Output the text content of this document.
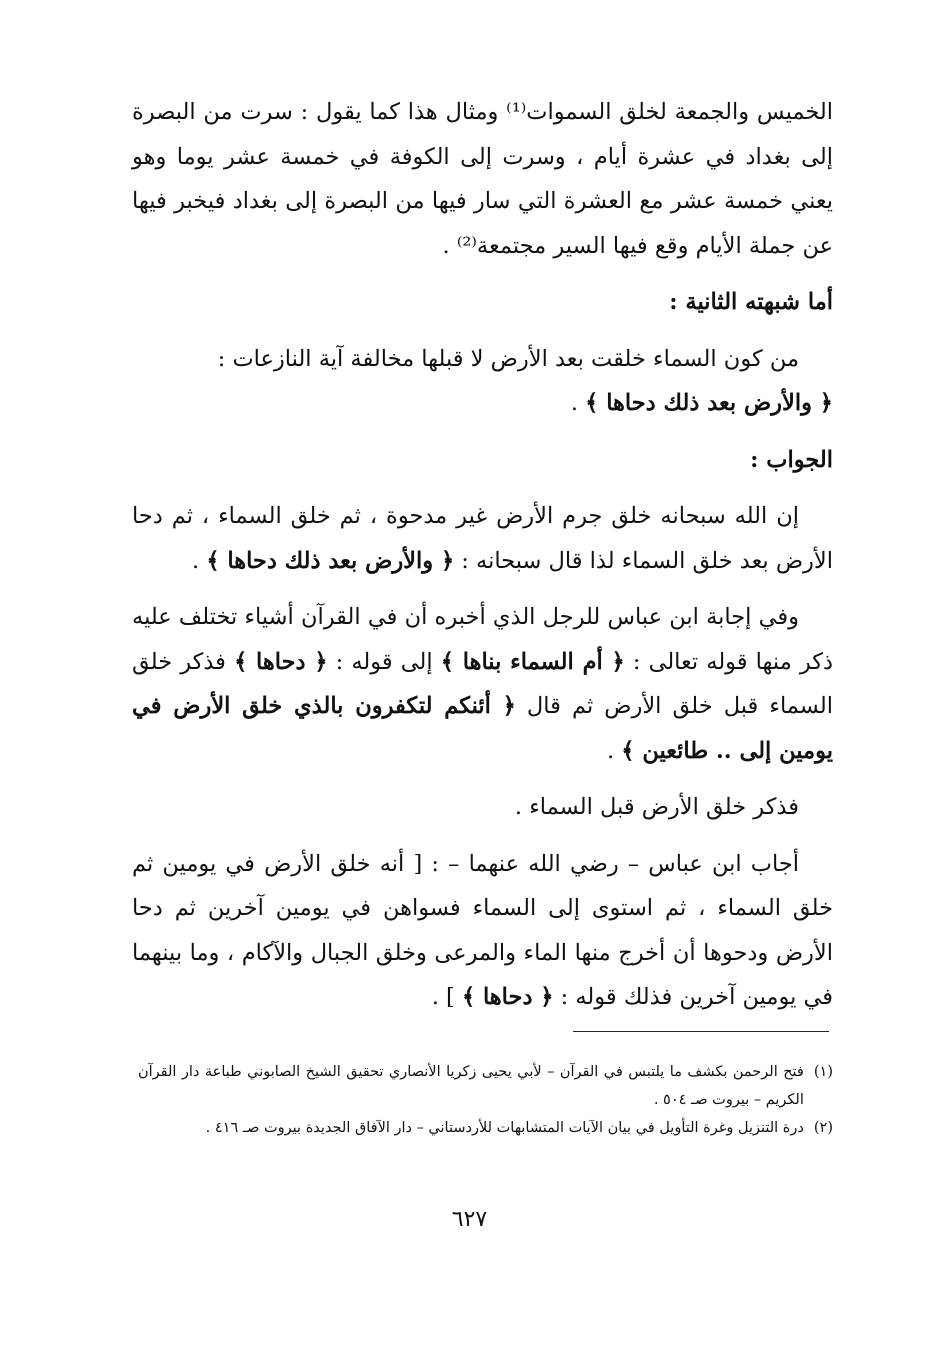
الخميس والجمعة لخلق السموات⁽¹⁾ ومثال هذا كما يقول : سرت من البصرة إلى بغداد في عشرة أيام ، وسرت إلى الكوفة في خمسة عشر يوما وهو يعني خمسة عشر مع العشرة التي سار فيها من البصرة إلى بغداد فيخبر فيها عن جملة الأيام وقع فيها السير مجتمعة⁽²⁾ .

أما شبهته الثانية :

من كون السماء خلقت بعد الأرض لا قبلها مخالفة آية النازعات :
﴿ والأرض بعد ذلك دحاها ﴾ .

الجواب :

إن الله سبحانه خلق جرم الأرض غير مدحوة ، ثم خلق السماء ، ثم دحا الأرض بعد خلق السماء لذا قال سبحانه : ﴿ والأرض بعد ذلك دحاها ﴾ .

وفي إجابة ابن عباس للرجل الذي أخبره أن في القرآن أشياء تختلف عليه ذكر منها قوله تعالى : ﴿ أم السماء بناها ﴾ إلى قوله : ﴿ دحاها ﴾ فذكر خلق السماء قبل خلق الأرض ثم قال ﴿ أئنكم لتكفرون بالذي خلق الأرض في يومين إلى .. طائعين ﴾ .

فذكر خلق الأرض قبل السماء .

أجاب ابن عباس – رضي الله عنهما – : [ أنه خلق الأرض في يومين ثم خلق السماء ، ثم استوى إلى السماء فسواهن في يومين آخرين ثم دحا الأرض ودحوها أن أخرج منها الماء والمرعى وخلق الجبال والآكام ، وما بينهما في يومين آخرين فذلك قوله : ﴿ دحاها ﴾ ] .

(١)
فتح الرحمن بكشف ما يلتبس في القرآن – لأبي يحيى زكريا الأنصاري تحقيق الشيخ الصابوني طباعة دار القرآن الكريم – بيروت صـ ٥٠٤ .
(٢)
درة التنزيل وغرة التأويل في بيان الآيات المتشابهات للأردستاني – دار الآفاق الجديدة بيروت صـ ٤١٦ .
٦٢٧
